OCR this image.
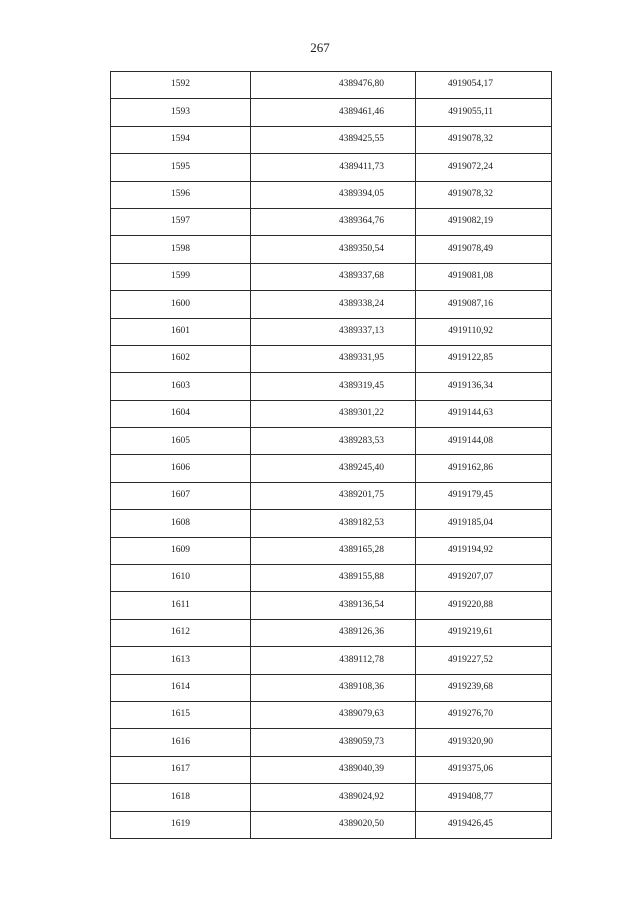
267
1592	4389476,80	4919054,17
1593	4389461,46	4919055,11
1594	4389425,55	4919078,32
1595	4389411,73	4919072,24
1596	4389394,05	4919078,32
1597	4389364,76	4919082,19
1598	4389350,54	4919078,49
1599	4389337,68	4919081,08
1600	4389338,24	4919087,16
1601	4389337,13	4919110,92
1602	4389331,95	4919122,85
1603	4389319,45	4919136,34
1604	4389301,22	4919144,63
1605	4389283,53	4919144,08
1606	4389245,40	4919162,86
1607	4389201,75	4919179,45
1608	4389182,53	4919185,04
1609	4389165,28	4919194,92
1610	4389155,88	4919207,07
1611	4389136,54	4919220,88
1612	4389126,36	4919219,61
1613	4389112,78	4919227,52
1614	4389108,36	4919239,68
1615	4389079,63	4919276,70
1616	4389059,73	4919320,90
1617	4389040,39	4919375,06
1618	4389024,92	4919408,77
1619	4389020,50	4919426,45
